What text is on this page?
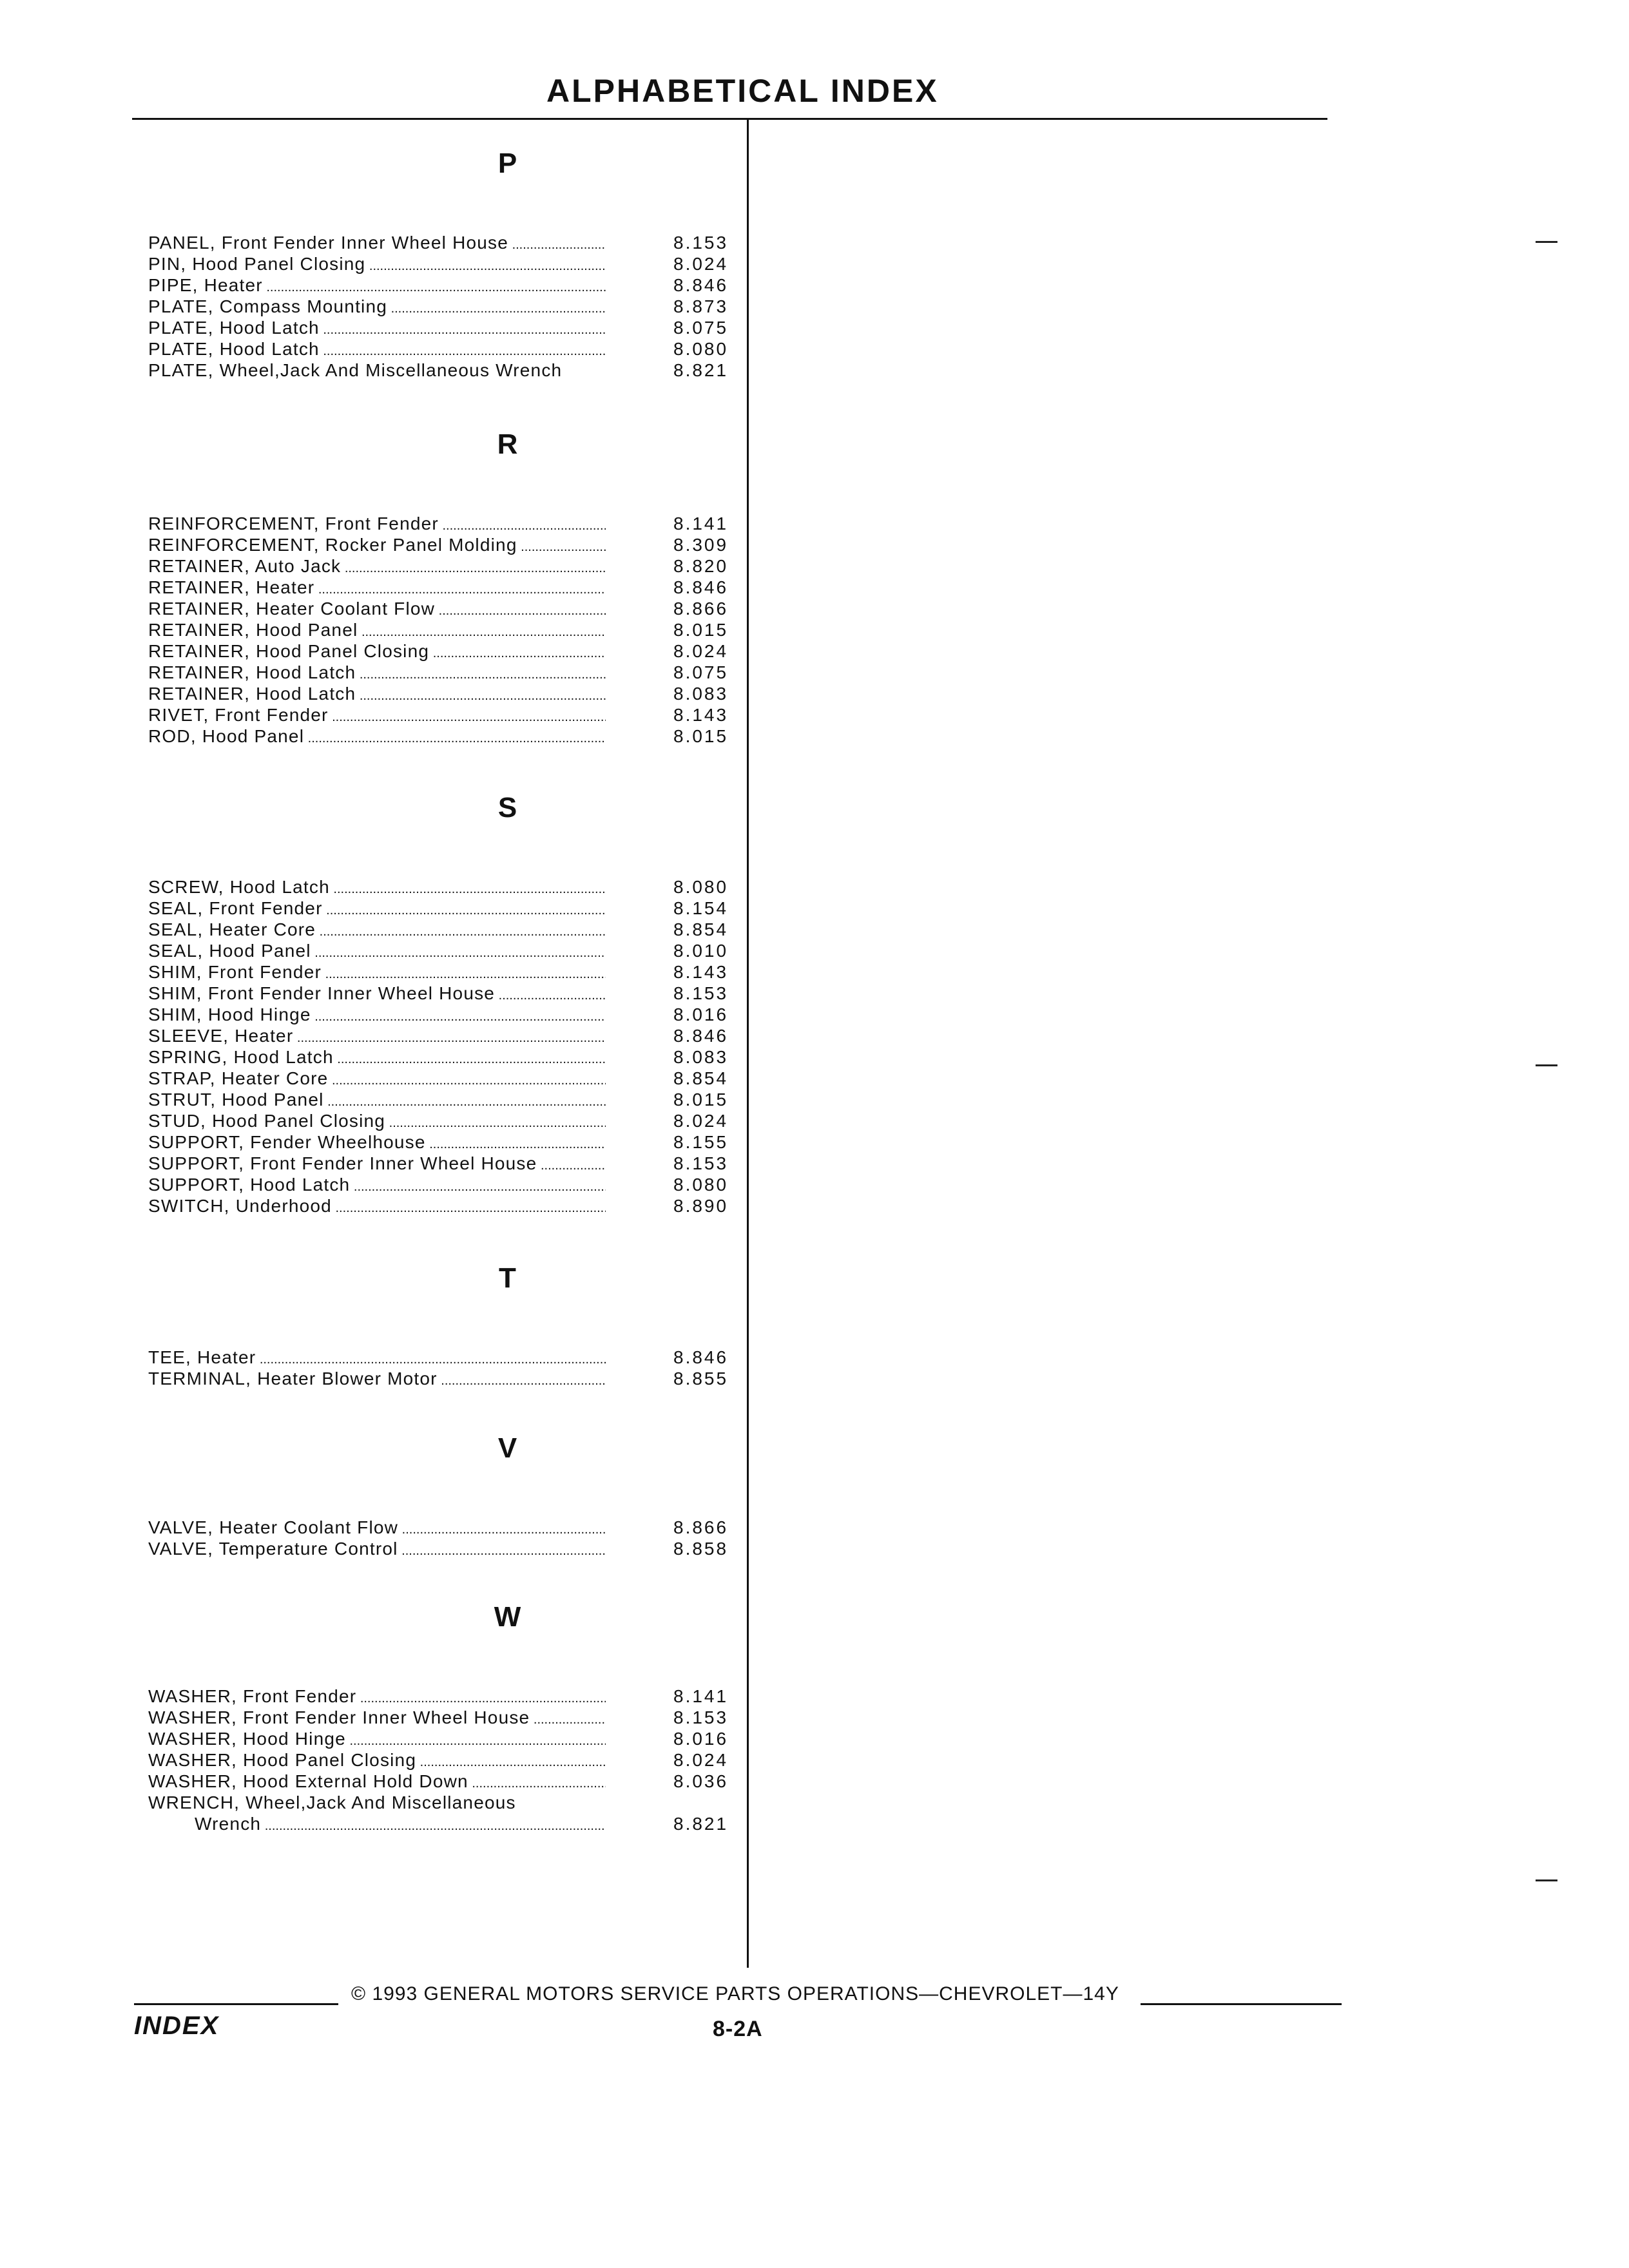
ALPHABETICAL INDEX
P
PANEL, Front Fender Inner Wheel House .....	8.153
PIN, Hood Panel Closing .....	8.024
PIPE, Heater .....	8.846
PLATE, Compass Mounting .....	8.873
PLATE, Hood Latch .....	8.075
PLATE, Hood Latch .....	8.080
PLATE, Wheel,Jack And Miscellaneous Wrench	8.821
R
REINFORCEMENT, Front Fender .....	8.141
REINFORCEMENT, Rocker Panel Molding .....	8.309
RETAINER, Auto Jack .....	8.820
RETAINER, Heater .....	8.846
RETAINER, Heater Coolant Flow .....	8.866
RETAINER, Hood Panel .....	8.015
RETAINER, Hood Panel Closing .....	8.024
RETAINER, Hood Latch .....	8.075
RETAINER, Hood Latch .....	8.083
RIVET, Front Fender .....	8.143
ROD, Hood Panel .....	8.015
S
SCREW, Hood Latch .....	8.080
SEAL, Front Fender .....	8.154
SEAL, Heater Core .....	8.854
SEAL, Hood Panel .....	8.010
SHIM, Front Fender .....	8.143
SHIM, Front Fender Inner Wheel House .....	8.153
SHIM, Hood Hinge .....	8.016
SLEEVE, Heater .....	8.846
SPRING, Hood Latch .....	8.083
STRAP, Heater Core .....	8.854
STRUT, Hood Panel .....	8.015
STUD, Hood Panel Closing .....	8.024
SUPPORT, Fender Wheelhouse .....	8.155
SUPPORT, Front Fender Inner Wheel House .....	8.153
SUPPORT, Hood Latch .....	8.080
SWITCH, Underhood .....	8.890
T
TEE, Heater .....	8.846
TERMINAL, Heater Blower Motor .....	8.855
V
VALVE, Heater Coolant Flow .....	8.866
VALVE, Temperature Control .....	8.858
W
WASHER, Front Fender .....	8.141
WASHER, Front Fender Inner Wheel House .....	8.153
WASHER, Hood Hinge .....	8.016
WASHER, Hood Panel Closing .....	8.024
WASHER, Hood External Hold Down .....	8.036
WRENCH, Wheel,Jack And Miscellaneous
Wrench .....	8.821
© 1993 GENERAL MOTORS SERVICE PARTS OPERATIONS—CHEVROLET—14Y
INDEX	8-2A
